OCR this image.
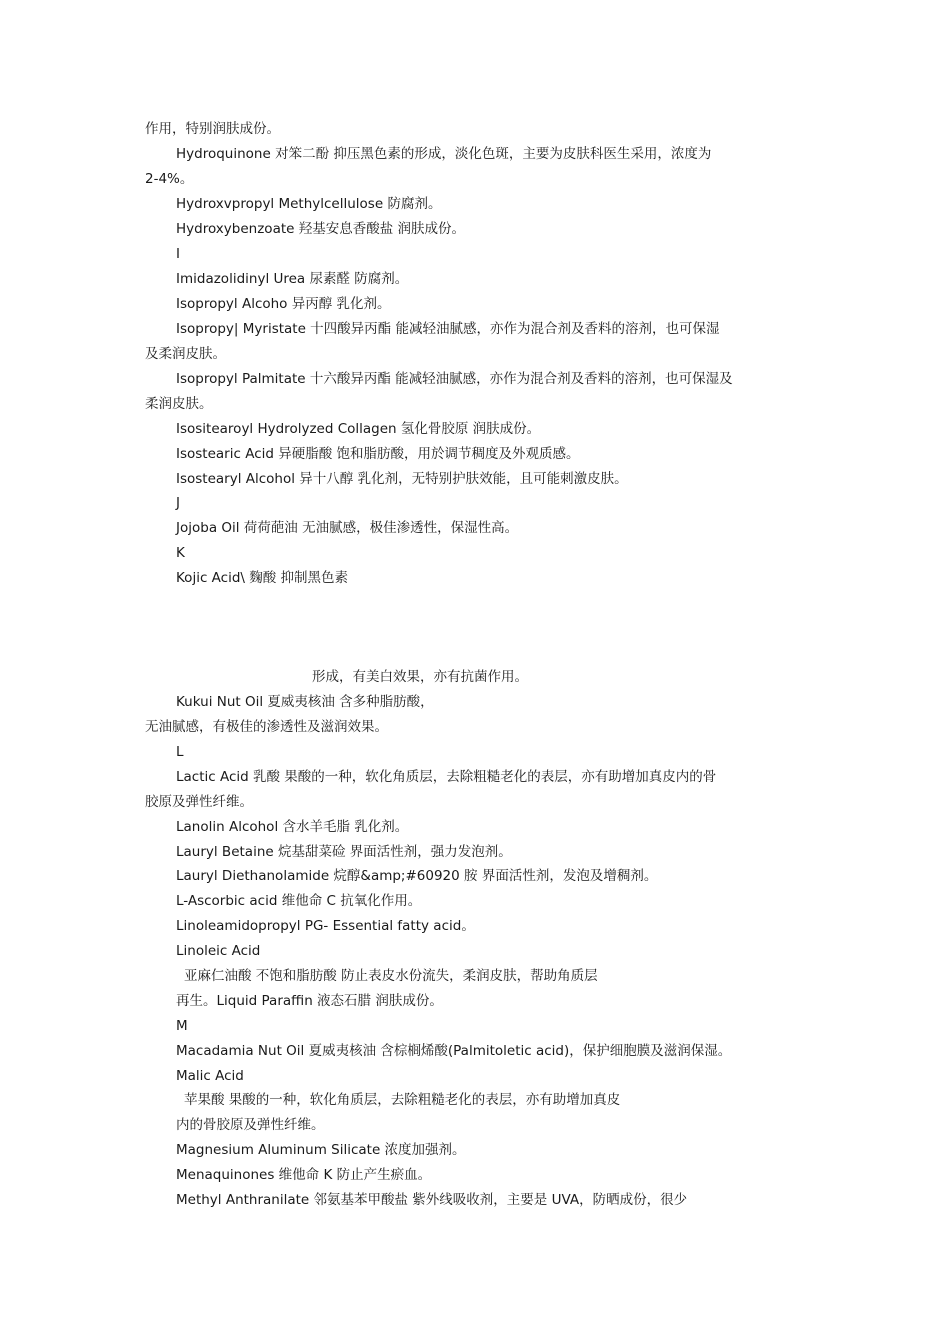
作用，特别润肤成份。

Hydroquinone 对笨二酚 抑压黑色素的形成，淡化色斑，主要为皮肤科医生采用，浓度为

2-4%。

Hydroxvpropyl Methylcellulose 防腐剂。

Hydroxybenzoate 羟基安息香酸盐 润肤成份。

I

Imidazolidinyl Urea 尿素醛 防腐剂。

Isopropyl Alcoho 异丙醇 乳化剂。

Isopropy| Myristate 十四酸异丙酯 能减轻油腻感，亦作为混合剂及香料的溶剂，也可保湿

及柔润皮肤。

Isopropyl Palmitate 十六酸异丙酯 能减轻油腻感，亦作为混合剂及香料的溶剂，也可保湿及

柔润皮肤。

Isositearoyl Hydrolyzed Collagen 氢化骨胶原 润肤成份。

Isostearic Acid 异硬脂酸 饱和脂肪酸，用於调节稠度及外观质感。

Isostearyl Alcohol 异十八醇 乳化剂，无特别护肤效能，且可能刺激皮肤。

J

Jojoba Oil 荷荷葩油 无油腻感，极佳渗透性，保湿性高。

K

Kojic Acid\ 麴酸 抑制黑色素

形成，有美白效果，亦有抗菌作用。

Kukui Nut Oil 夏威夷核油 含多种脂肪酸，

无油腻感，有极佳的渗透性及滋润效果。

L

Lactic Acid 乳酸 果酸的一种，软化角质层，去除粗糙老化的表层，亦有助增加真皮内的骨

胶原及弹性纤维。

Lanolin Alcohol 含水羊毛脂 乳化剂。

Lauryl Betaine 烷基甜菜硷 界面活性剂，强力发泡剂。

Lauryl Diethanolamide 烷醇&amp;#60920 胺 界面活性剂，发泡及增稠剂。

L-Ascorbic acid 维他命 C 抗氧化作用。

Linoleamidopropyl PG- Essential fatty acid。

Linoleic Acid

亚麻仁油酸 不饱和脂肪酸 防止表皮水份流失，柔润皮肤，帮助角质层

再生。Liquid Paraffin 液态石腊 润肤成份。

M

Macadamia Nut Oil 夏威夷核油 含棕榈烯酸(Palmitoletic acid)，保护细胞膜及滋润保湿。

Malic Acid

苹果酸 果酸的一种，软化角质层，去除粗糙老化的表层，亦有助增加真皮

内的骨胶原及弹性纤维。

Magnesium Aluminum Silicate 浓度加强剂。

Menaquinones 维他命 K 防止产生瘀血。

Methyl Anthranilate 邻氨基苯甲酸盐 紫外线吸收剂，主要是 UVA，防晒成份，很少
